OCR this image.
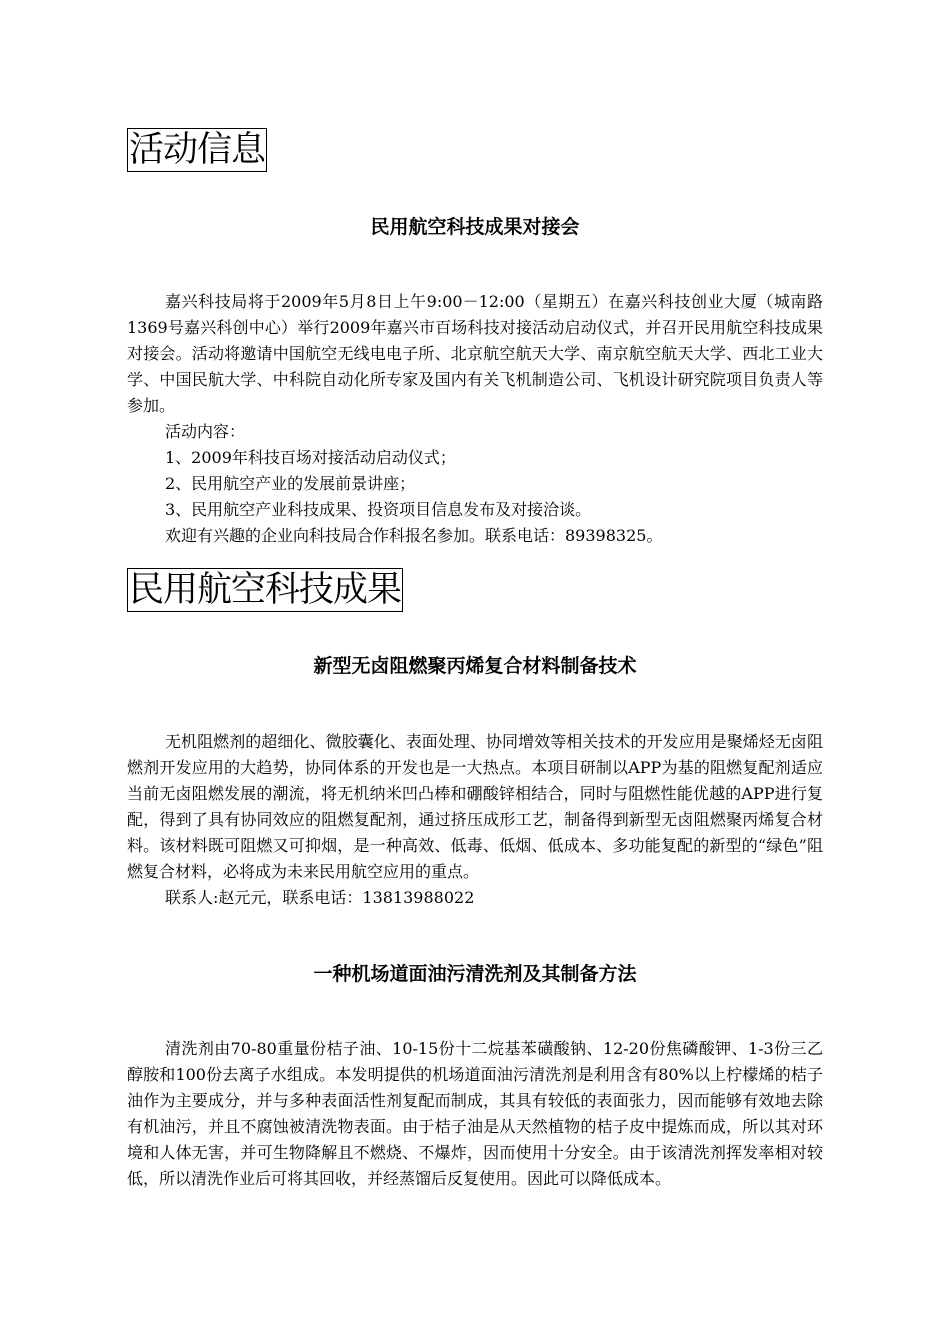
活动信息
民用航空科技成果对接会

嘉兴科技局将于2009年5月8日上午9:00－12:00（星期五）在嘉兴科技创业大厦（城南路1369号嘉兴科创中心）举行2009年嘉兴市百场科技对接活动启动仪式，并召开民用航空科技成果对接会。活动将邀请中国航空无线电电子所、北京航空航天大学、南京航空航天大学、西北工业大学、中国民航大学、中科院自动化所专家及国内有关飞机制造公司、飞机设计研究院项目负责人等参加。

活动内容：

1、2009年科技百场对接活动启动仪式；

2、民用航空产业的发展前景讲座；

3、民用航空产业科技成果、投资项目信息发布及对接洽谈。

欢迎有兴趣的企业向科技局合作科报名参加。联系电话：89398325。

民用航空科技成果
新型无卤阻燃聚丙烯复合材料制备技术

无机阻燃剂的超细化、微胶囊化、表面处理、协同增效等相关技术的开发应用是聚烯烃无卤阻燃剂开发应用的大趋势，协同体系的开发也是一大热点。本项目研制以APP为基的阻燃复配剂适应当前无卤阻燃发展的潮流，将无机纳米凹凸棒和硼酸锌相结合，同时与阻燃性能优越的APP进行复配，得到了具有协同效应的阻燃复配剂，通过挤压成形工艺，制备得到新型无卤阻燃聚丙烯复合材料。该材料既可阻燃又可抑烟，是一种高效、低毒、低烟、低成本、多功能复配的新型的“绿色”阻燃复合材料，必将成为未来民用航空应用的重点。

联系人:赵元元，联系电话：13813988022

一种机场道面油污清洗剂及其制备方法

清洗剂由70-80重量份桔子油、10-15份十二烷基苯磺酸钠、12-20份焦磷酸钾、1-3份三乙醇胺和100份去离子水组成。本发明提供的机场道面油污清洗剂是利用含有80%以上柠檬烯的桔子油作为主要成分，并与多种表面活性剂复配而制成，其具有较低的表面张力，因而能够有效地去除有机油污，并且不腐蚀被清洗物表面。由于桔子油是从天然植物的桔子皮中提炼而成，所以其对环境和人体无害，并可生物降解且不燃烧、不爆炸，因而使用十分安全。由于该清洗剂挥发率相对较低，所以清洗作业后可将其回收，并经蒸馏后反复使用。因此可以降低成本。
